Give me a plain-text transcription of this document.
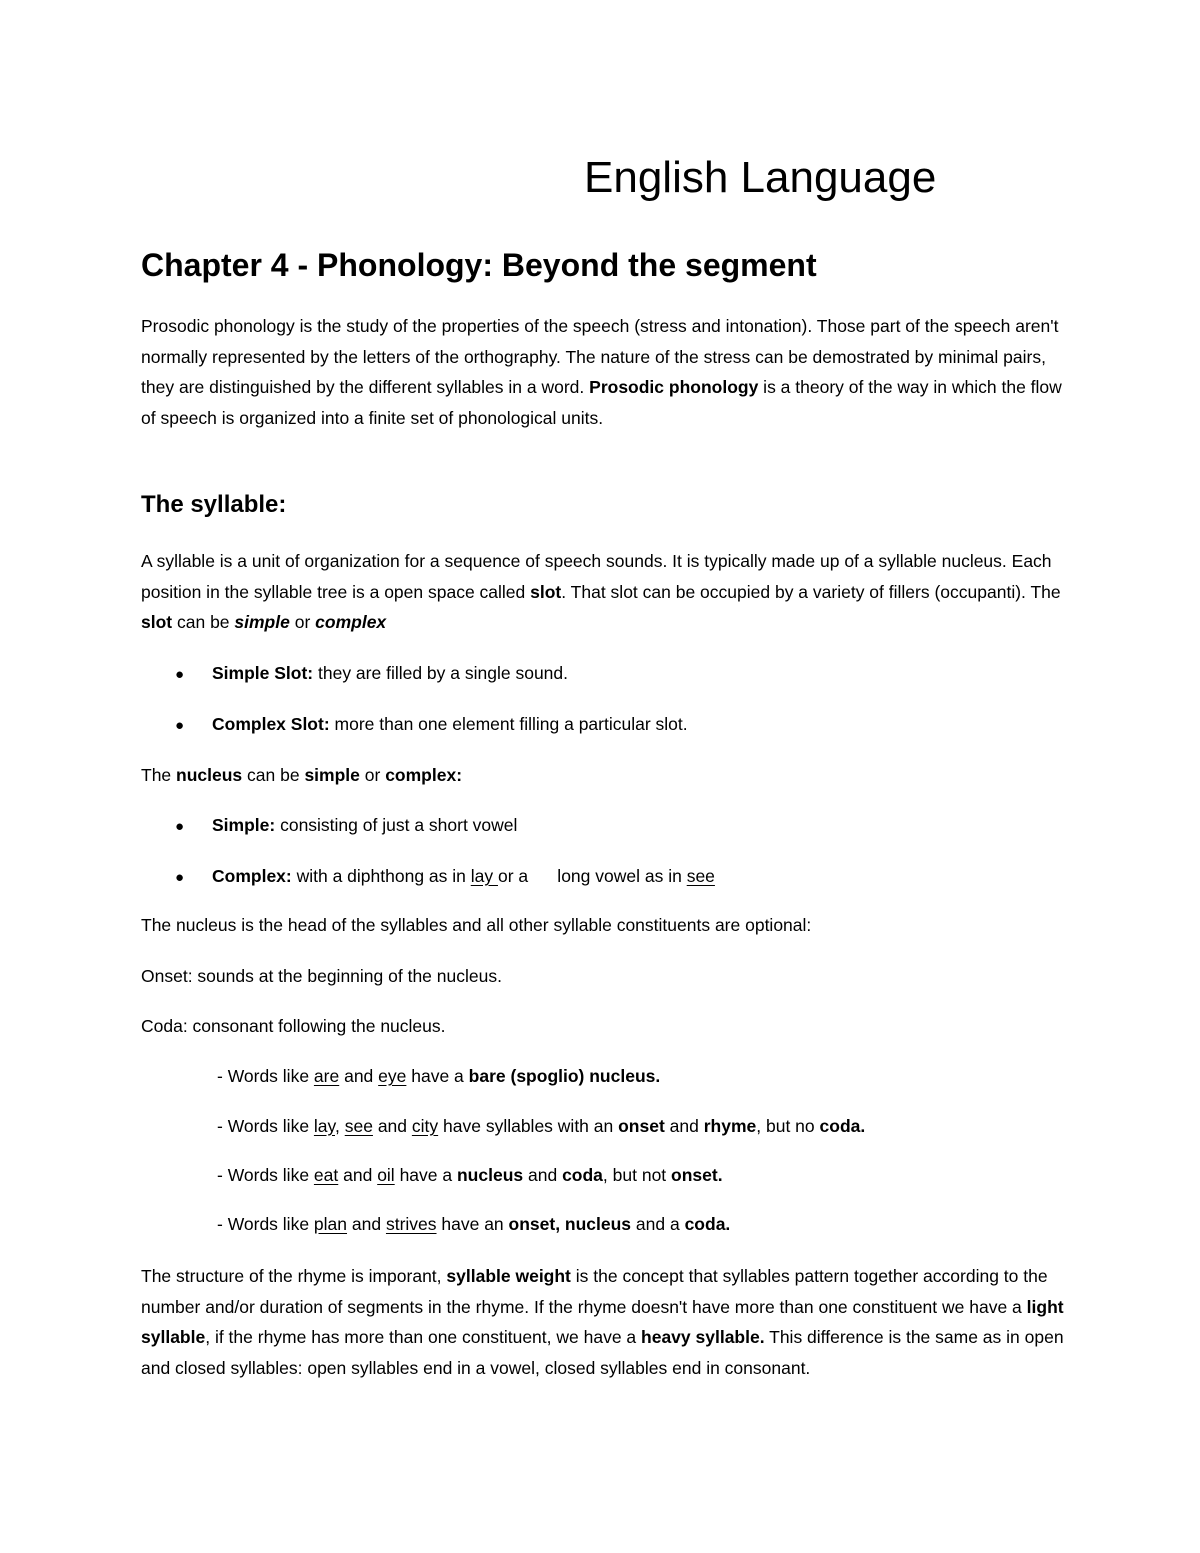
English Language
Chapter 4 - Phonology: Beyond the segment

Prosodic phonology is the study of the properties of the speech (stress and intonation). Those part of the speech aren't normally represented by the letters of the orthography. The nature of the stress can be demostrated by minimal pairs, they are distinguished by the different syllables in a word. Prosodic phonology is a theory of the way in which the flow of speech is organized into a finite set of phonological units.

The syllable:

A syllable is a unit of organization for a sequence of speech sounds. It is typically made up of a syllable nucleus. Each position in the syllable tree is a open space called slot. That slot can be occupied by a variety of fillers (occupanti). The slot can be simple or complex

● Simple Slot: they are filled by a single sound.

● Complex Slot: more than one element filling a particular slot.

The nucleus can be simple or complex:

● Simple: consisting of just a short vowel

● Complex: with a diphthong as in lay or a      long vowel as in see

The nucleus is the head of the syllables and all other syllable constituents are optional:

Onset: sounds at the beginning of the nucleus.

Coda: consonant following the nucleus.

- Words like are and eye have a bare (spoglio) nucleus.

- Words like lay, see and city have syllables with an onset and rhyme, but no coda.

- Words like eat and oil have a nucleus and coda, but not onset.

- Words like plan and strives have an onset, nucleus and a coda.

The structure of the rhyme is imporant, syllable weight is the concept that syllables pattern together according to the number and/or duration of segments in the rhyme. If the rhyme doesn't have more than one constituent we have a light syllable, if the rhyme has more than one constituent, we have a heavy syllable. This difference is the same as in open and closed syllables: open syllables end in a vowel, closed syllables end in consonant.
